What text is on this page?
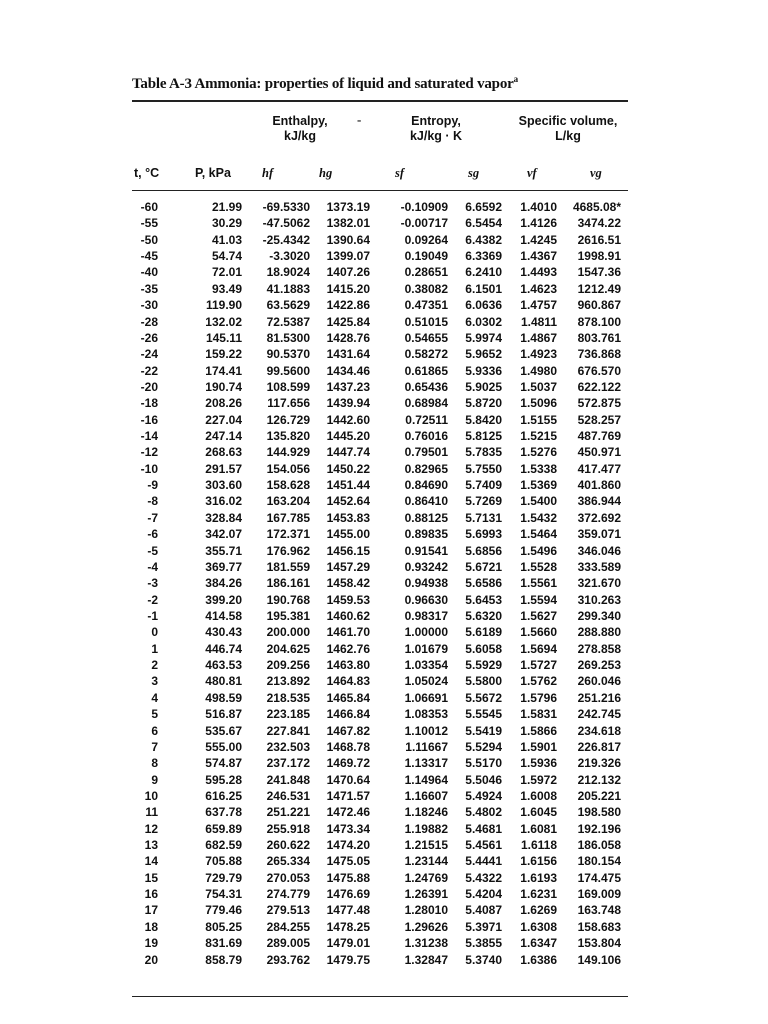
Table A-3 Ammonia: properties of liquid and saturated vapor$^a$
Enthalpy,
kJ/kg
-	Entropy,
kJ/kg · K
Specific volume,
L/kg
t, °C	P, kPa hf	hg	sf	sg	vf	vg
-60	21.99	-69.5330	1373.19	-0.10909	6.6592	1.4010	4685.08*
-55	30.29	-47.5062	1382.01	-0.00717	6.5454	1.4126	3474.22
-50	41.03	-25.4342	1390.64	0.09264	6.4382	1.4245	2616.51
-45	54.74	-3.3020	1399.07	0.19049	6.3369	1.4367	1998.91
-40	72.01	18.9024	1407.26	0.28651	6.2410	1.4493	1547.36
-35	93.49	41.1883	1415.20	0.38082	6.1501	1.4623	1212.49
-30	119.90	63.5629	1422.86	0.47351	6.0636	1.4757	960.867
-28	132.02	72.5387	1425.84	0.51015	6.0302	1.4811	878.100
-26	145.11	81.5300	1428.76	0.54655	5.9974	1.4867	803.761
-24	159.22	90.5370	1431.64	0.58272	5.9652	1.4923	736.868
-22	174.41	99.5600	1434.46	0.61865	5.9336	1.4980	676.570
-20	190.74	108.599	1437.23	0.65436	5.9025	1.5037	622.122
-18	208.26	117.656	1439.94	0.68984	5.8720	1.5096	572.875
-16	227.04	126.729	1442.60	0.72511	5.8420	1.5155	528.257
-14	247.14	135.820	1445.20	0.76016	5.8125	1.5215	487.769
-12	268.63	144.929	1447.74	0.79501	5.7835	1.5276	450.971
-10	291.57	154.056	1450.22	0.82965	5.7550	1.5338	417.477
-9	303.60	158.628	1451.44	0.84690	5.7409	1.5369	401.860
-8	316.02	163.204	1452.64	0.86410	5.7269	1.5400	386.944
-7	328.84	167.785	1453.83	0.88125	5.7131	1.5432	372.692
-6	342.07	172.371	1455.00	0.89835	5.6993	1.5464	359.071
-5	355.71	176.962	1456.15	0.91541	5.6856	1.5496	346.046
-4	369.77	181.559	1457.29	0.93242	5.6721	1.5528	333.589
-3	384.26	186.161	1458.42	0.94938	5.6586	1.5561	321.670
-2	399.20	190.768	1459.53	0.96630	5.6453	1.5594	310.263
-1	414.58	195.381	1460.62	0.98317	5.6320	1.5627	299.340
0	430.43	200.000	1461.70	1.00000	5.6189	1.5660	288.880
1	446.74	204.625	1462.76	1.01679	5.6058	1.5694	278.858
2	463.53	209.256	1463.80	1.03354	5.5929	1.5727	269.253
3	480.81	213.892	1464.83	1.05024	5.5800	1.5762	260.046
4	498.59	218.535	1465.84	1.06691	5.5672	1.5796	251.216
5	516.87	223.185	1466.84	1.08353	5.5545	1.5831	242.745
6	535.67	227.841	1467.82	1.10012	5.5419	1.5866	234.618
7	555.00	232.503	1468.78	1.11667	5.5294	1.5901	226.817
8	574.87	237.172	1469.72	1.13317	5.5170	1.5936	219.326
9	595.28	241.848	1470.64	1.14964	5.5046	1.5972	212.132
10	616.25	246.531	1471.57	1.16607	5.4924	1.6008	205.221
11	637.78	251.221	1472.46	1.18246	5.4802	1.6045	198.580
12	659.89	255.918	1473.34	1.19882	5.4681	1.6081	192.196
13	682.59	260.622	1474.20	1.21515	5.4561	1.6118	186.058
14	705.88	265.334	1475.05	1.23144	5.4441	1.6156	180.154
15	729.79	270.053	1475.88	1.24769	5.4322	1.6193	174.475
16	754.31	274.779	1476.69	1.26391	5.4204	1.6231	169.009
17	779.46	279.513	1477.48	1.28010	5.4087	1.6269	163.748
18	805.25	284.255	1478.25	1.29626	5.3971	1.6308	158.683
19	831.69	289.005	1479.01	1.31238	5.3855	1.6347	153.804
20	858.79	293.762	1479.75	1.32847	5.3740	1.6386	149.106
